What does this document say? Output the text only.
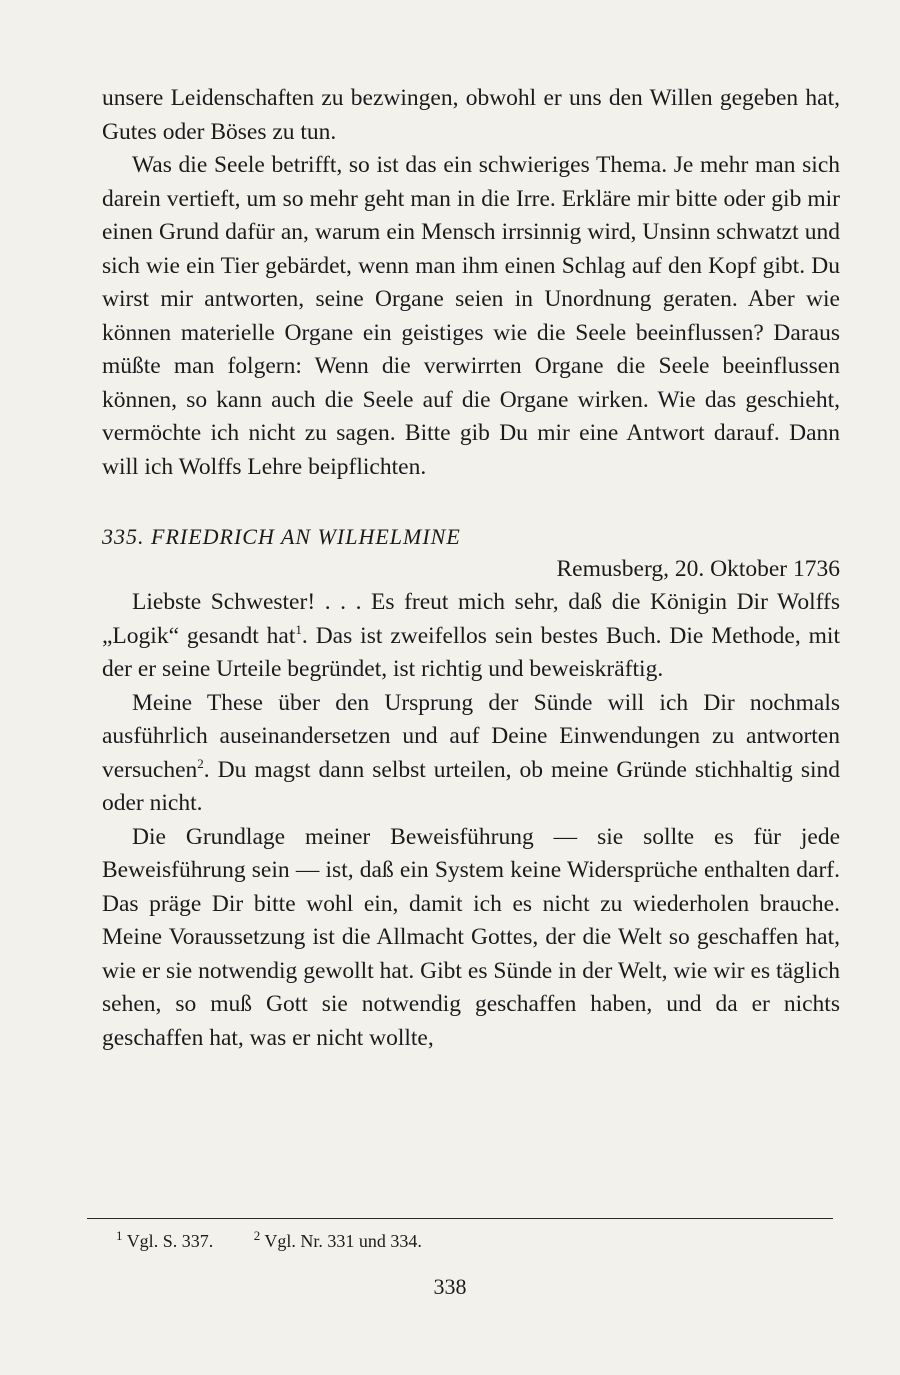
unsere Leidenschaften zu bezwingen, obwohl er uns den Willen gegeben hat, Gutes oder Böses zu tun.

Was die Seele betrifft, so ist das ein schwieriges Thema. Je mehr man sich darein vertieft, um so mehr geht man in die Irre. Erkläre mir bitte oder gib mir einen Grund dafür an, warum ein Mensch irrsinnig wird, Unsinn schwatzt und sich wie ein Tier gebärdet, wenn man ihm einen Schlag auf den Kopf gibt. Du wirst mir antworten, seine Organe seien in Unordnung geraten. Aber wie können materielle Organe ein geistiges wie die Seele beeinflussen? Daraus müßte man folgern: Wenn die verwirrten Organe die Seele beeinflussen können, so kann auch die Seele auf die Organe wirken. Wie das geschieht, vermöchte ich nicht zu sagen. Bitte gib Du mir eine Antwort darauf. Dann will ich Wolffs Lehre beipflichten.

335. FRIEDRICH AN WILHELMINE

Remusberg, 20. Oktober 1736

Liebste Schwester! . . . Es freut mich sehr, daß die Königin Dir Wolffs „Logik“ gesandt hat$^1$. Das ist zweifellos sein bestes Buch. Die Methode, mit der er seine Urteile begründet, ist richtig und beweiskräftig.

Meine These über den Ursprung der Sünde will ich Dir nochmals ausführlich auseinandersetzen und auf Deine Einwendungen zu antworten versuchen$^2$. Du magst dann selbst urteilen, ob meine Gründe stichhaltig sind oder nicht.

Die Grundlage meiner Beweisführung — sie sollte es für jede Beweisführung sein — ist, daß ein System keine Widersprüche enthalten darf. Das präge Dir bitte wohl ein, damit ich es nicht zu wiederholen brauche. Meine Voraussetzung ist die Allmacht Gottes, der die Welt so geschaffen hat, wie er sie notwendig gewollt hat. Gibt es Sünde in der Welt, wie wir es täglich sehen, so muß Gott sie notwendig geschaffen haben, und da er nichts geschaffen hat, was er nicht wollte,

$^1$ Vgl. S. 337.	$^2$ Vgl. Nr. 331 und 334.
338
